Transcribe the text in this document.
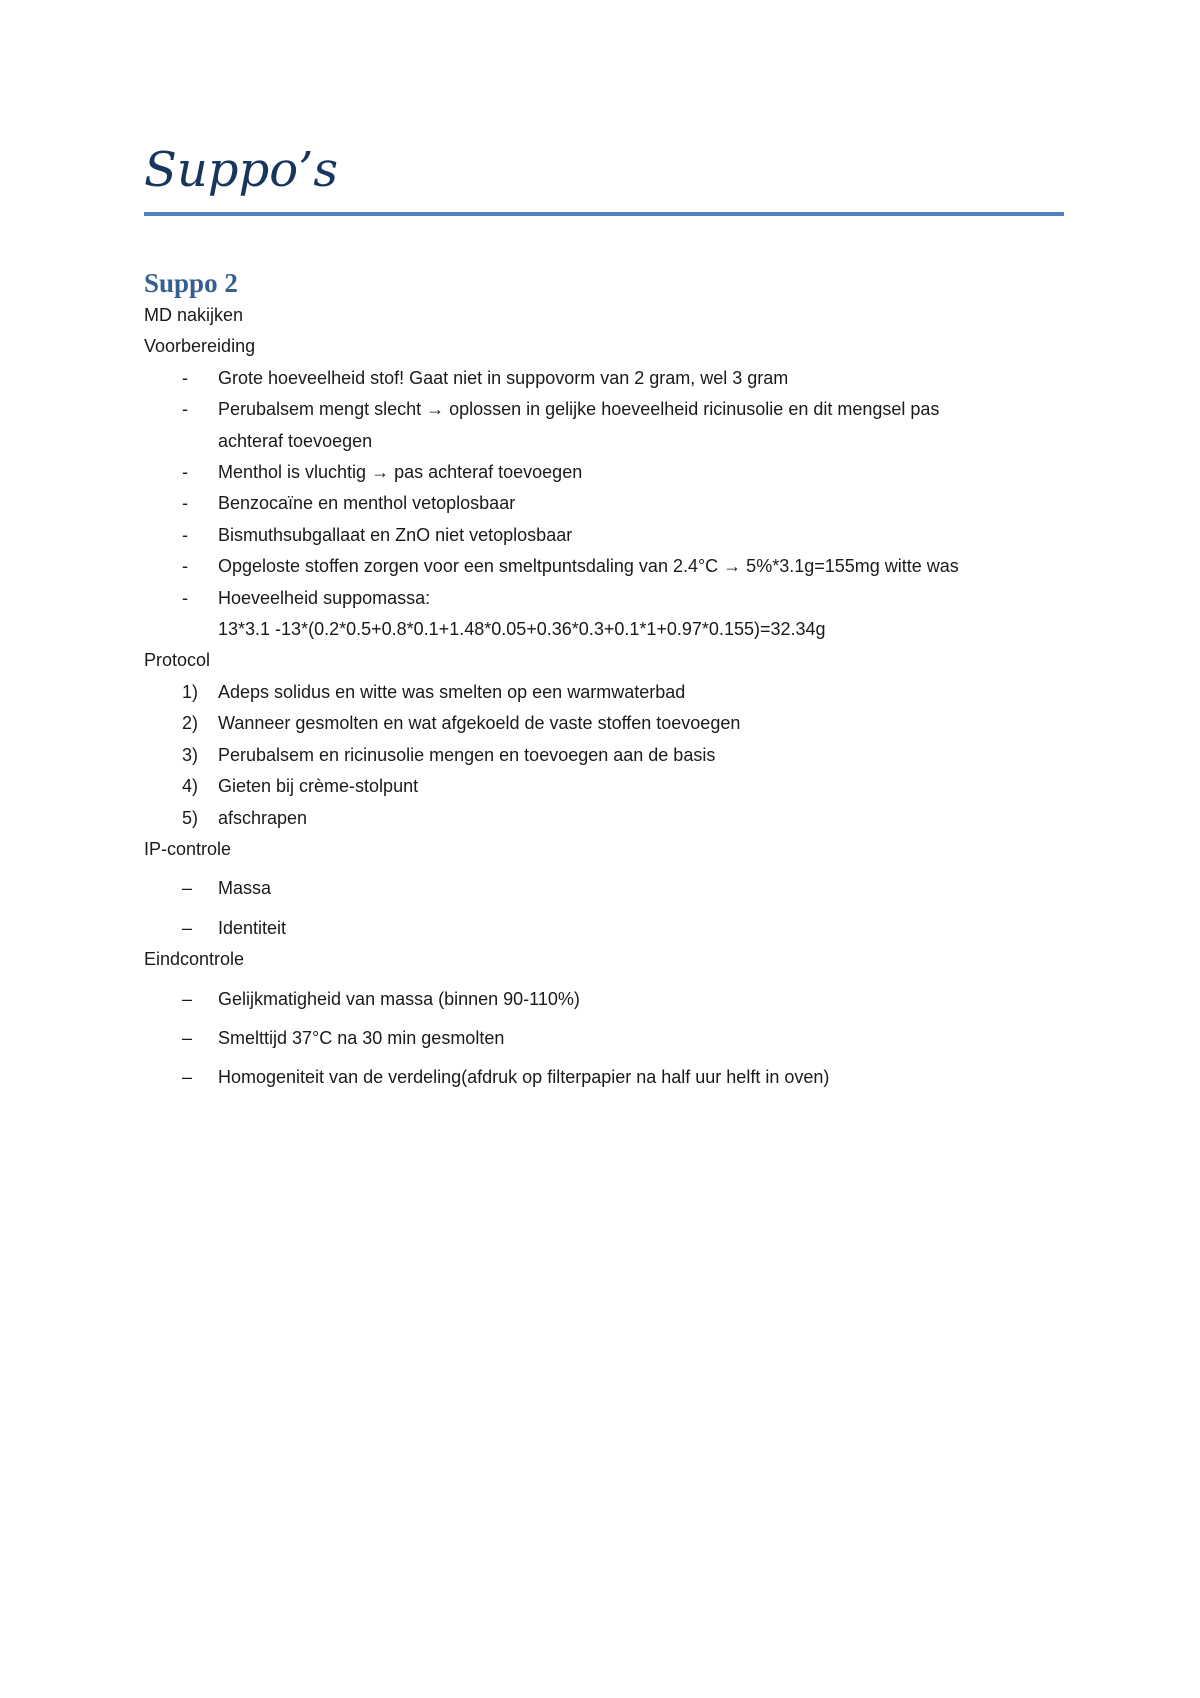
Suppo’s
Suppo 2

MD nakijken

Voorbereiding

- Grote hoeveelheid stof! Gaat niet in suppovorm van 2 gram, wel 3 gram
- Perubalsem mengt slecht → oplossen in gelijke hoeveelheid ricinusolie en dit mengsel pas
achteraf toevoegen
- Menthol is vluchtig → pas achteraf toevoegen
- Benzocaïne en menthol vetoplosbaar
- Bismuthsubgallaat en ZnO niet vetoplosbaar
- Opgeloste stoffen zorgen voor een smeltpuntsdaling van 2.4°C → 5%*3.1g=155mg witte was
- Hoeveelheid suppomassa:
13*3.1 -13*(0.2*0.5+0.8*0.1+1.48*0.05+0.36*0.3+0.1*1+0.97*0.155)=32.34g

Protocol

1) Adeps solidus en witte was smelten op een warmwaterbad
2) Wanneer gesmolten en wat afgekoeld de vaste stoffen toevoegen
3) Perubalsem en ricinusolie mengen en toevoegen aan de basis
4) Gieten bij crème-stolpunt
5) afschrapen

IP-controle

– Massa
– Identiteit

Eindcontrole

– Gelijkmatigheid van massa (binnen 90-110%)
– Smelttijd 37°C na 30 min gesmolten
– Homogeniteit van de verdeling(afdruk op filterpapier na half uur helft in oven)
